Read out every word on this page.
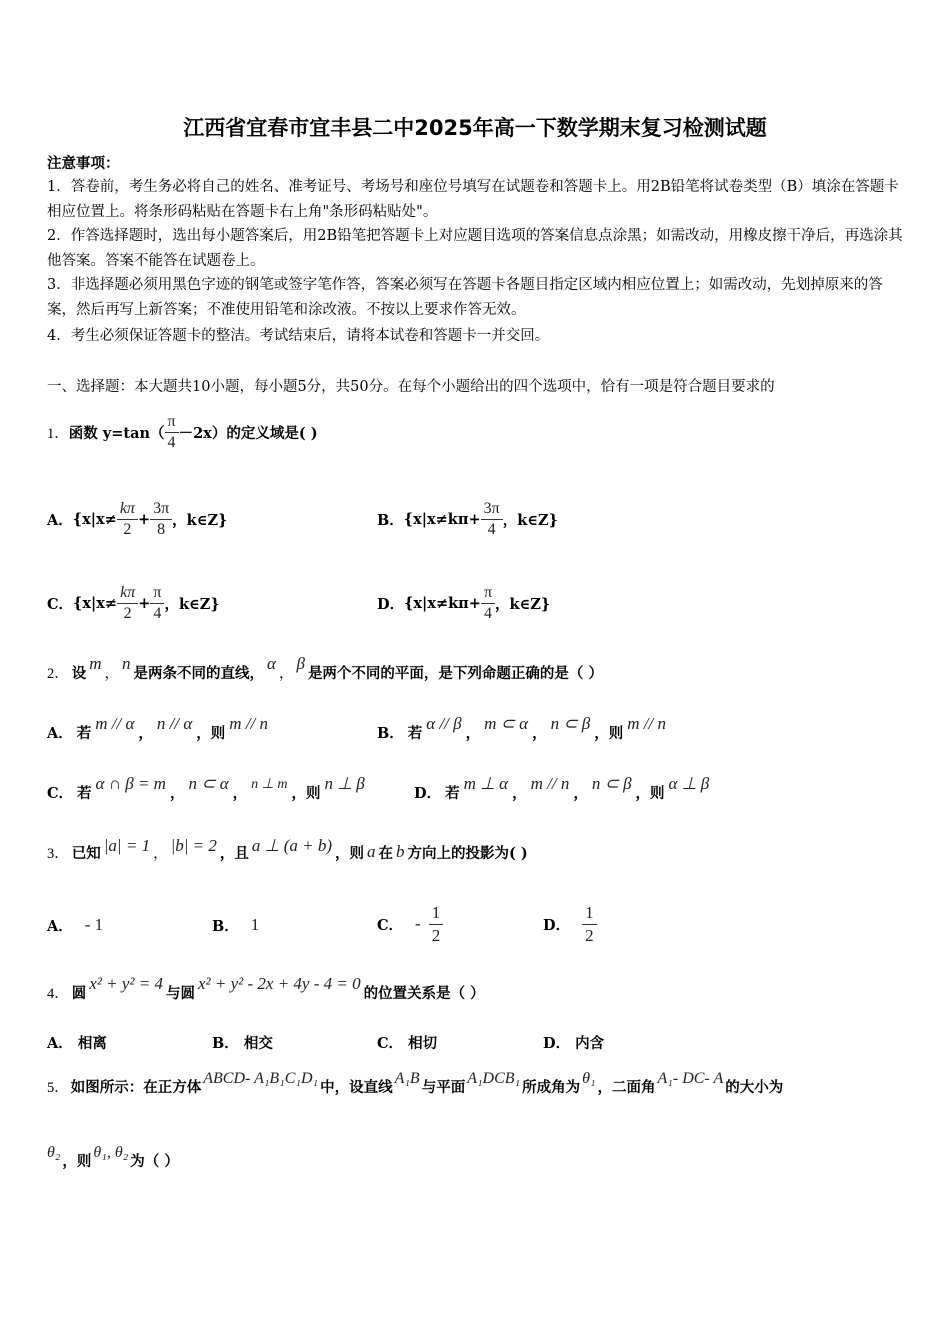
江西省宜春市宜丰县二中2025年高一下数学期末复习检测试题
注意事项：
1．答卷前，考生务必将自己的姓名、准考证号、考场号和座位号填写在试题卷和答题卡上。用2B铅笔将试卷类型（B）填涂在答题卡相应位置上。将条形码粘贴在答题卡右上角"条形码粘贴处"。
2．作答选择题时，选出每小题答案后，用2B铅笔把答题卡上对应题目选项的答案信息点涂黑；如需改动，用橡皮擦干净后，再选涂其他答案。答案不能答在试题卷上。
3．非选择题必须用黑色字迹的钢笔或签字笔作答，答案必须写在答题卡各题目指定区域内相应位置上；如需改动，先划掉原来的答案，然后再写上新答案；不准使用铅笔和涂改液。不按以上要求作答无效。
4．考生必须保证答题卡的整洁。考试结束后，请将本试卷和答题卡一并交回。
一、选择题：本大题共10小题，每小题5分，共50分。在每个小题给出的四个选项中，恰有一项是符合题目要求的
1． 函数 $y=\tan( \frac{\pi}{4} -2x)$的定义域是( )
A． {$x|x\ne \frac{k\pi}{2} + \frac{3\pi}{8}$ ，k∈Z}	B． {$x|x\ne k\pi+ \frac{3\pi}{4}$ ，k∈Z}
C． {$x|x\ne \frac{k\pi}{2} + \frac{\pi}{4}$ ，k∈Z}	D． {$x|x\ne k\pi+ \frac{\pi}{4}$ ，k∈Z}
2． 设 m
，
n 是两条不同的直线， α
，
β 是两个不同的平面，是下列命题正确的是（ ）
A． 若 m // α ， n // α ，则 m // n	B． 若 α // β ， m ⊂ α ， n ⊂ β ，则 m // n
C． 若 α ∩ β = m ， n ⊂ α ，
n ⊥ m
，则 n ⊥ β	D． 若 m ⊥ α ， m // n ， n ⊂ β ，则 α ⊥ β
3． 已知 |a| = 1 ， |b| = 2 ，且 a ⊥ (a + b) ，则 a 在 b 方向上的投影为( )
A． - 1	B． 1	C． - $\frac{1}{2}$	D． $\frac{1}{2}$
4． 圆 x² + y² = 4 与圆 x² + y² - 2x + 4y - 4 = 0 的位置关系是（ ）
A． 相离	B． 相交	C． 相切	D． 内含
5． 如图所示：在正方体 ABCD- A₁B₁C₁D₁ 中，设直线 A₁B 与平面 A₁DCB₁ 所成角为 θ₁ ，二面角 A₁- DC- A 的大小为
θ₂ ，则 θ₁, θ₂ 为（ ）
